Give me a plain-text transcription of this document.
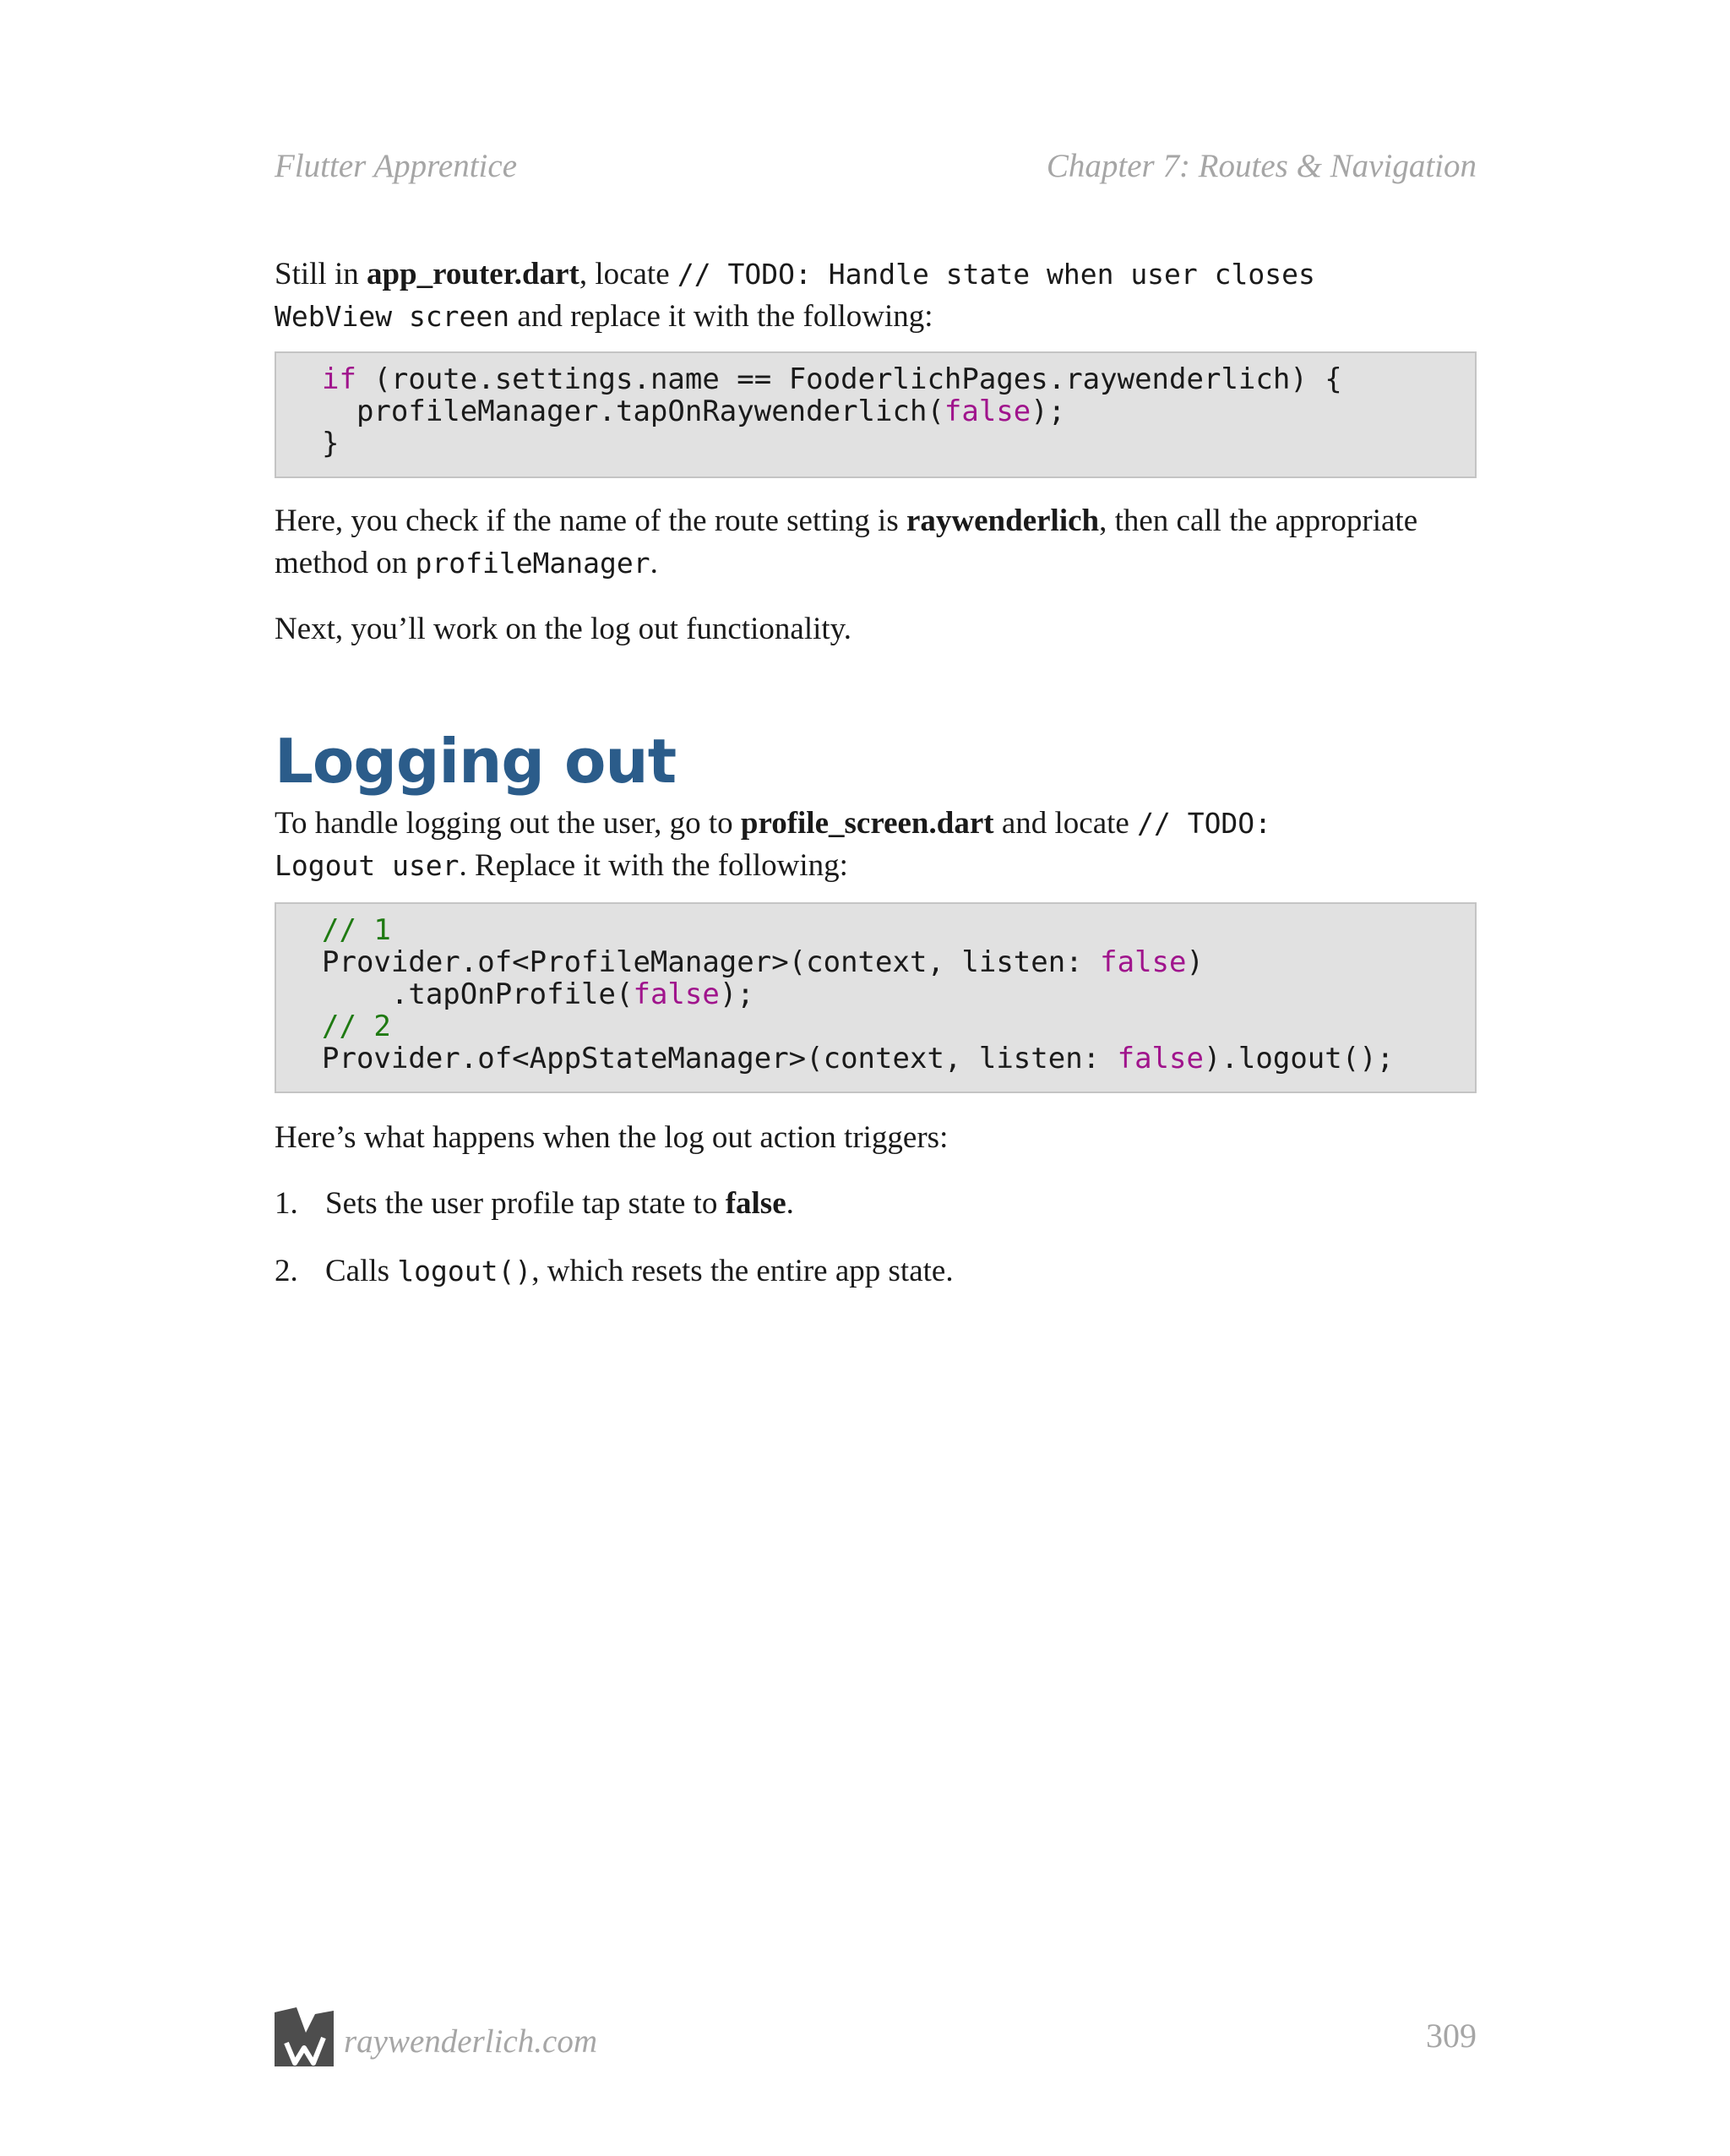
Flutter Apprentice	Chapter 7: Routes & Navigation

Still in app_router.dart, locate // TODO: Handle state when user closes
WebView screen and replace it with the following:

if (route.settings.name == FooderlichPages.raywenderlich) {
profileManager.tapOnRaywenderlich(false);
}

Here, you check if the name of the route setting is raywenderlich, then call the appropriate method on profileManager.

Next, you’ll work on the log out functionality.

Logging out

To handle logging out the user, go to profile_screen.dart and locate // TODO:
Logout user. Replace it with the following:

// 1
Provider.of<ProfileManager>(context, listen: false)
.tapOnProfile(false);
// 2
Provider.of<AppStateManager>(context, listen: false).logout();

Here’s what happens when the log out action triggers:

1. Sets the user profile tap state to false.
2. Calls logout(), which resets the entire app state.
raywenderlich.com	309
